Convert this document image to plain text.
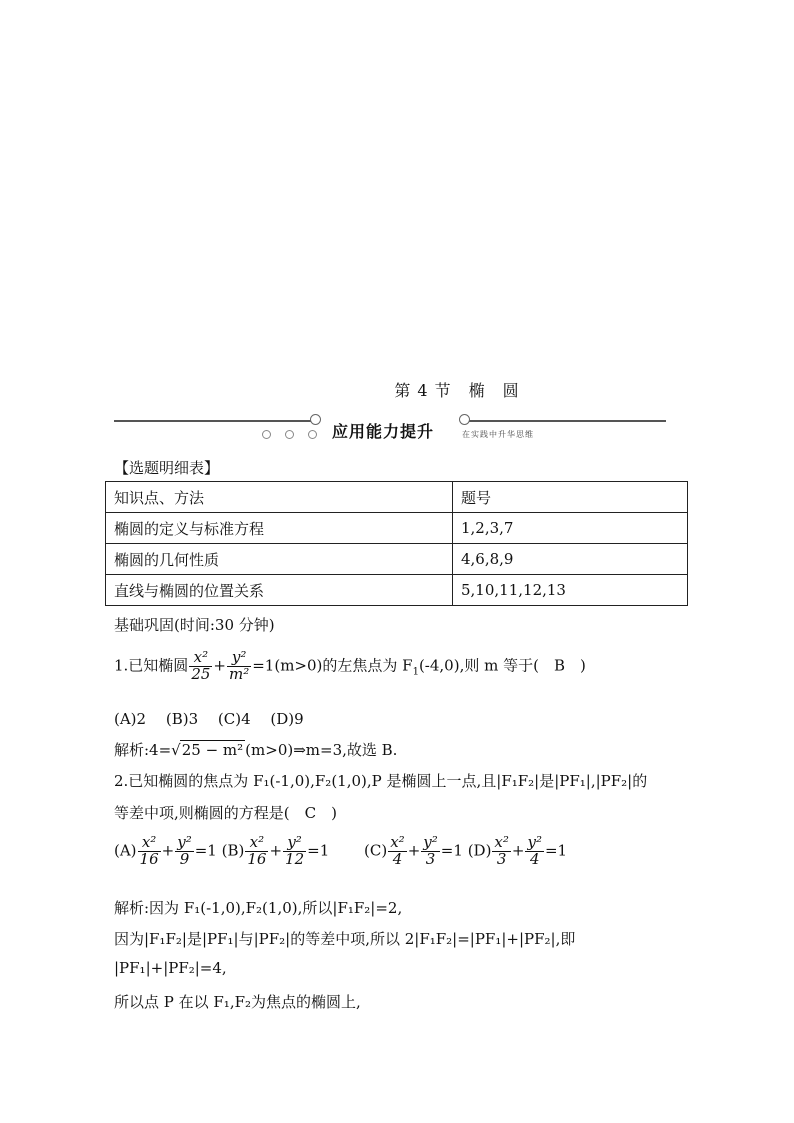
第 4 节　椭　圆
应用能力提升	在实践中升华思维
【选题明细表】
知识点、方法	题号
椭圆的定义与标准方程	1,2,3,7
椭圆的几何性质	4,6,8,9
直线与椭圆的位置关系	5,10,11,12,13
基础巩固(时间:30 分钟)
1.已知椭圆 $\frac{\text{x²}}{25} + \frac{\text{y²}}{\text{m²}} =1(m>0)$的左焦点为 $F_1(-4,0)$,则 m 等于(　 B　 )
(A)2　 (B)3　 (C)4　 (D)9
解析:4=√25 − m² (m>0)⇒m=3,故选 B.
2.已知椭圆的焦点为 F₁(-1,0),F₂(1,0),P 是椭圆上一点,且|F₁F₂|是|PF₁|,|PF₂|的
等差中项,则椭圆的方程是(　 C　 )
$(A) \frac{\text{x²}}{16} + \frac{\text{y²}}{9} =1$ $(B) \frac{\text{x²}}{16} + \frac{\text{y²}}{12} =1$ 　　 $(C) \frac{\text{x²}}{4} + \frac{\text{y²}}{3} =1$ $(D) \frac{\text{x²}}{3} + \frac{\text{y²}}{4} =1$
解析:因为 F₁(-1,0),F₂(1,0),所以|F₁F₂|=2,
因为|F₁F₂|是|PF₁|与|PF₂|的等差中项,所以 2|F₁F₂|=|PF₁|+|PF₂|,即
|PF₁|+|PF₂|=4,
所以点 P 在以 F₁,F₂为焦点的椭圆上,
